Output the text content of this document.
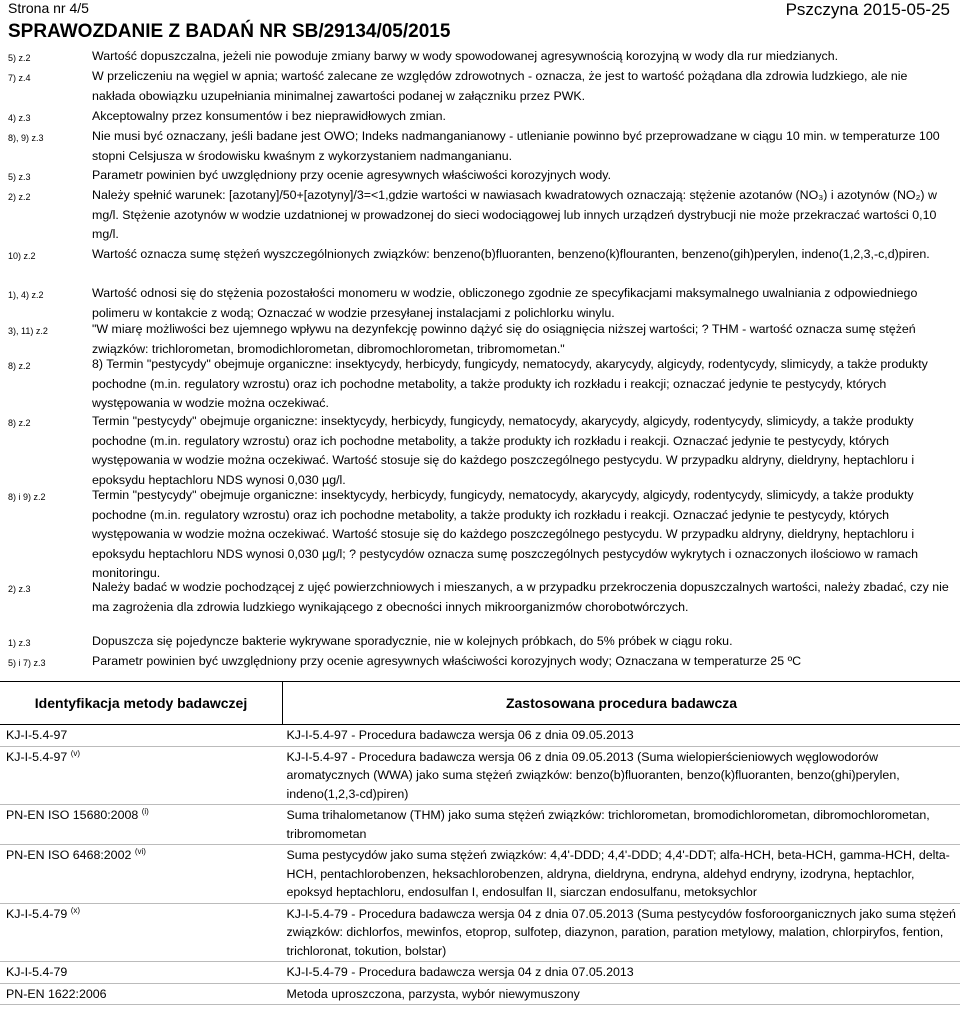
Strona nr 4/5
SPRAWOZDANIE Z BADAŃ NR SB/29134/05/2015
Pszczyna 2015-05-25
5) z.2	Wartość dopuszczalna, jeżeli nie powoduje zmiany barwy w wody spowodowanej agresywnością korozyjną w wody dla rur miedzianych.
7) z.4	W przeliczeniu na węgiel w apnia; wartość zalecane ze względów zdrowotnych - oznacza, że jest to wartość pożądana dla zdrowia ludzkiego, ale nie nakłada obowiązku uzupełniania minimalnej zawartości podanej w załączniku przez PWK.
4) z.3	Akceptowalny przez konsumentów i bez nieprawidłowych zmian.
8), 9) z.3	Nie musi być oznaczany, jeśli badane jest OWO; Indeks nadmanganianowy - utlenianie powinno być przeprowadzane w ciągu 10 min. w temperaturze 100 stopni Celsjusza w środowisku kwaśnym z wykorzystaniem nadmanganianu.
5) z.3	Parametr powinien być uwzględniony przy ocenie agresywnych właściwości korozyjnych wody.
2) z.2	Należy spełnić warunek: [azotany]/50+[azotyny]/3=<1,gdzie wartości w nawiasach kwadratowych oznaczają: stężenie azotanów (NO₃) i azotynów (NO₂) w mg/l. Stężenie azotynów w wodzie uzdatnionej w prowadzonej do sieci wodociągowej lub innych urządzeń dystrybucji nie może przekraczać wartości 0,10 mg/l.
10) z.2	Wartość oznacza sumę stężeń wyszczególnionych związków: benzeno(b)fluoranten, benzeno(k)flouranten, benzeno(gih)perylen, indeno(1,2,3,-c,d)piren.
1), 4) z.2	Wartość odnosi się do stężenia pozostałości monomeru w wodzie, obliczonego zgodnie ze specyfikacjami maksymalnego uwalniania z odpowiedniego polimeru w kontakcie z wodą; Oznaczać w wodzie przesyłanej instalacjami z polichlorku winylu.
3), 11) z.2	"W miarę możliwości bez ujemnego wpływu na dezynfekcję powinno dążyć się do osiągnięcia niższej wartości; ? THM - wartość oznacza sumę stężeń związków: trichlorometan, bromodichlorometan, dibromochlorometan, tribromometan."
8) z.2	8) Termin "pestycydy" obejmuje organiczne: insektycydy, herbicydy, fungicydy, nematocydy, akarycydy, algicydy, rodentycydy, slimicydy, a także produkty pochodne (m.in. regulatory wzrostu) oraz ich pochodne metabolity, a także produkty ich rozkładu i reakcji; oznaczać jedynie te pestycydy, których występowania w wodzie można oczekiwać.
8) z.2	Termin "pestycydy" obejmuje organiczne: insektycydy, herbicydy, fungicydy, nematocydy, akarycydy, algicydy, rodentycydy, slimicydy, a także produkty pochodne (m.in. regulatory wzrostu) oraz ich pochodne metabolity, a także produkty ich rozkładu i reakcji. Oznaczać jedynie te pestycydy, których występowania w wodzie można oczekiwać. Wartość stosuje się do każdego poszczególnego pestycydu. W przypadku aldryny, dieldryny, heptachloru i epoksydu heptachloru NDS wynosi 0,030 µg/l.
8) i 9) z.2	Termin "pestycydy" obejmuje organiczne: insektycydy, herbicydy, fungicydy, nematocydy, akarycydy, algicydy, rodentycydy, slimicydy, a także produkty pochodne (m.in. regulatory wzrostu) oraz ich pochodne metabolity, a także produkty ich rozkładu i reakcji. Oznaczać jedynie te pestycydy, których występowania w wodzie można oczekiwać. Wartość stosuje się do każdego poszczególnego pestycydu. W przypadku aldryny, dieldryny, heptachloru i epoksydu heptachloru NDS wynosi 0,030 µg/l; ? pestycydów oznacza sumę poszczególnych pestycydów wykrytych i oznaczonych ilościowo w ramach monitoringu.
2) z.3	Należy badać w wodzie pochodzącej z ujęć powierzchniowych i mieszanych, a w przypadku przekroczenia dopuszczalnych wartości, należy zbadać, czy nie ma zagrożenia dla zdrowia ludzkiego wynikającego z obecności innych mikroorganizmów chorobotwórczych.
1) z.3	Dopuszcza się pojedyncze bakterie wykrywane sporadycznie, nie w kolejnych próbkach, do 5% próbek w ciągu roku.
5) i 7) z.3	Parametr powinien być uwzględniony przy ocenie agresywnych właściwości korozyjnych wody; Oznaczana w temperaturze 25 ºC
Identyfikacja metody badawczej	Zastosowana procedura badawcza
KJ-I-5.4-97	KJ-I-5.4-97 - Procedura badawcza wersja 06 z dnia 09.05.2013
KJ-I-5.4-97 $^{(v)}$	KJ-I-5.4-97 - Procedura badawcza wersja 06 z dnia 09.05.2013 (Suma wielopierścieniowych węglowodorów aromatycznych (WWA) jako suma stężeń związków: benzo(b)fluoranten, benzo(k)fluoranten, benzo(ghi)perylen, indeno(1,2,3-cd)piren)
PN-EN ISO 15680:2008 $^{(i)}$	Suma trihalometanow (THM) jako suma stężeń związków: trichlorometan, bromodichlorometan, dibromochlorometan, tribromometan
PN-EN ISO 6468:2002 $^{(vi)}$	Suma pestycydów jako suma stężeń związków: 4,4'-DDD; 4,4'-DDD; 4,4'-DDT; alfa-HCH, beta-HCH, gamma-HCH, delta-HCH, pentachlorobenzen, heksachlorobenzen, aldryna, dieldryna, endryna, aldehyd endryny, izodryna, heptachlor, epoksyd heptachloru, endosulfan I, endosulfan II, siarczan endosulfanu, metoksychlor
KJ-I-5.4-79 $^{(x)}$	KJ-I-5.4-79 - Procedura badawcza wersja 04 z dnia 07.05.2013 (Suma pestycydów fosforoorganicznych jako suma stężeń związków: dichlorfos, mewinfos, etoprop, sulfotep, diazynon, paration, paration metylowy, malation, chlorpiryfos, fention, trichloronat, tokution, bolstar)
KJ-I-5.4-79	KJ-I-5.4-79 - Procedura badawcza wersja 04 z dnia 07.05.2013
PN-EN 1622:2006	Metoda uproszczona, parzysta, wybór niewymuszony
